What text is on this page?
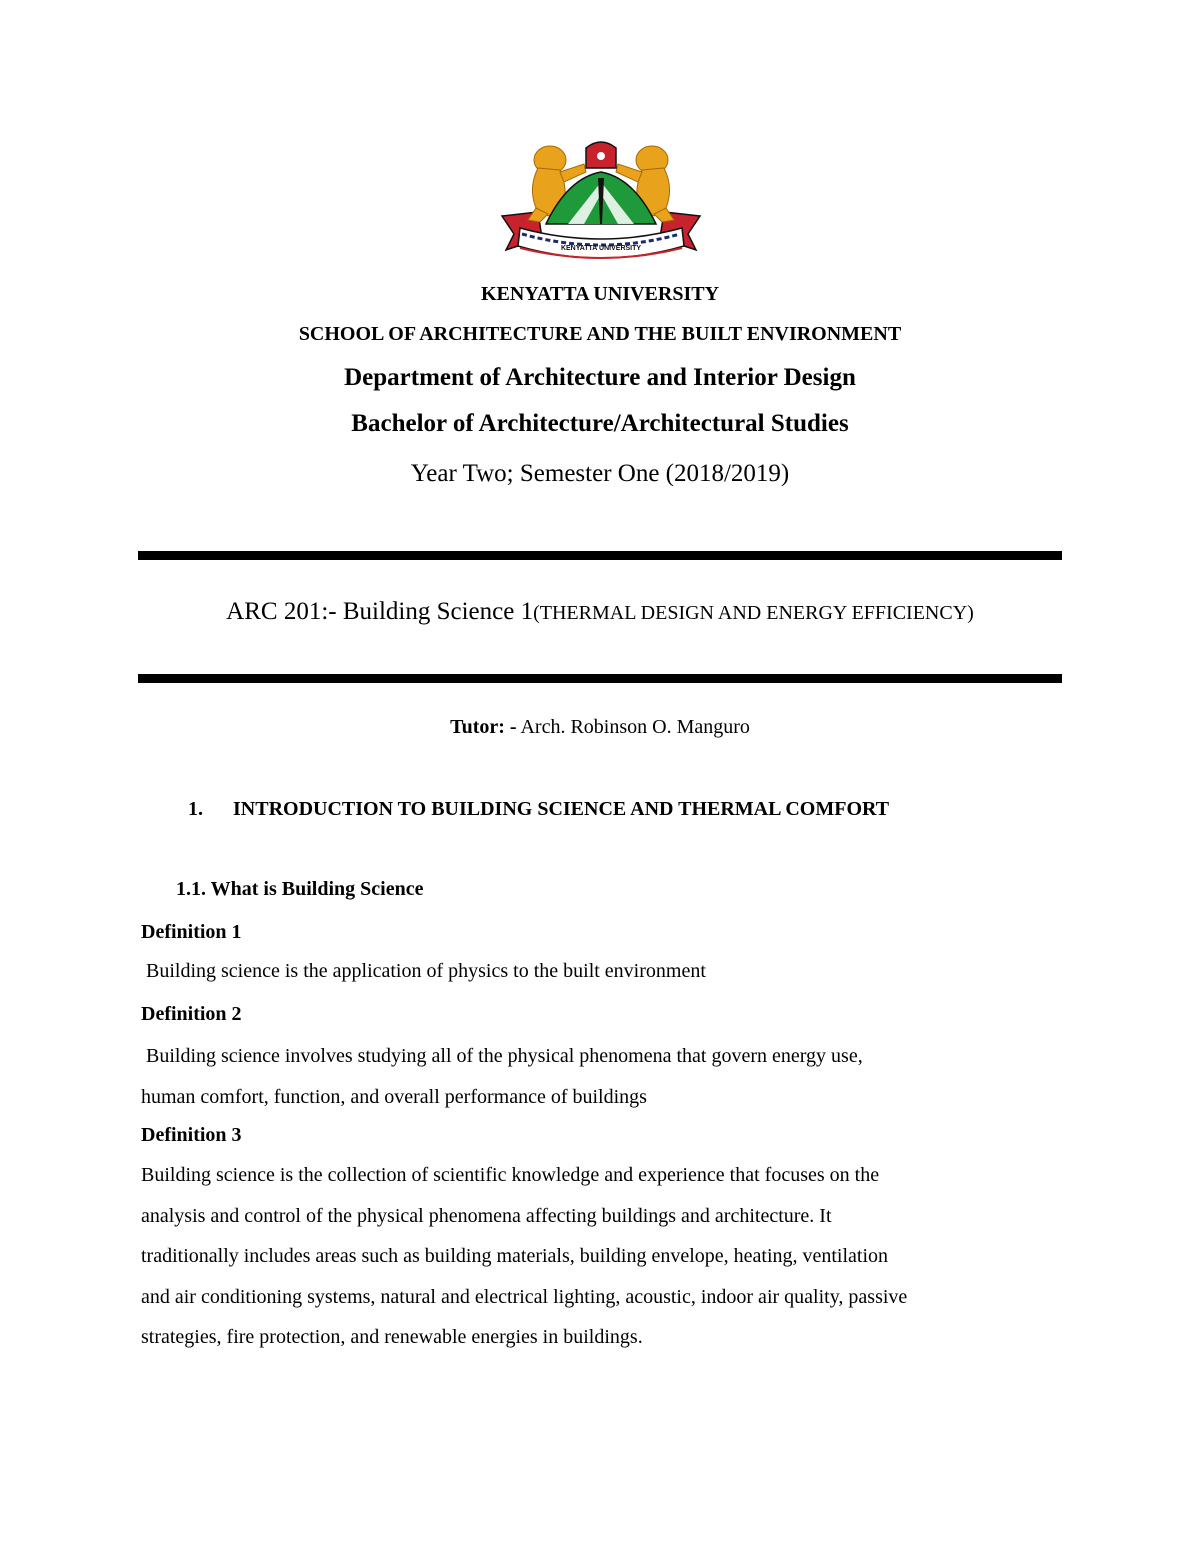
KENYATTA UNIVERSITY
KENYATTA UNIVERSITY
SCHOOL OF ARCHITECTURE AND THE BUILT ENVIRONMENT
Department of Architecture and Interior Design
Bachelor of Architecture/Architectural Studies
Year Two; Semester One (2018/2019)
ARC 201:- Building Science 1(THERMAL DESIGN AND ENERGY EFFICIENCY)
Tutor: - Arch. Robinson O. Manguro
1. INTRODUCTION TO BUILDING SCIENCE AND THERMAL COMFORT
1.1. What is Building Science
Definition 1
Building science is the application of physics to the built environment
Definition 2
Building science involves studying all of the physical phenomena that govern energy use,
human comfort, function, and overall performance of buildings
Definition 3
Building science is the collection of scientific knowledge and experience that focuses on the
analysis and control of the physical phenomena affecting buildings and architecture. It
traditionally includes areas such as building materials, building envelope, heating, ventilation
and air conditioning systems, natural and electrical lighting, acoustic, indoor air quality, passive
strategies, fire protection, and renewable energies in buildings.
